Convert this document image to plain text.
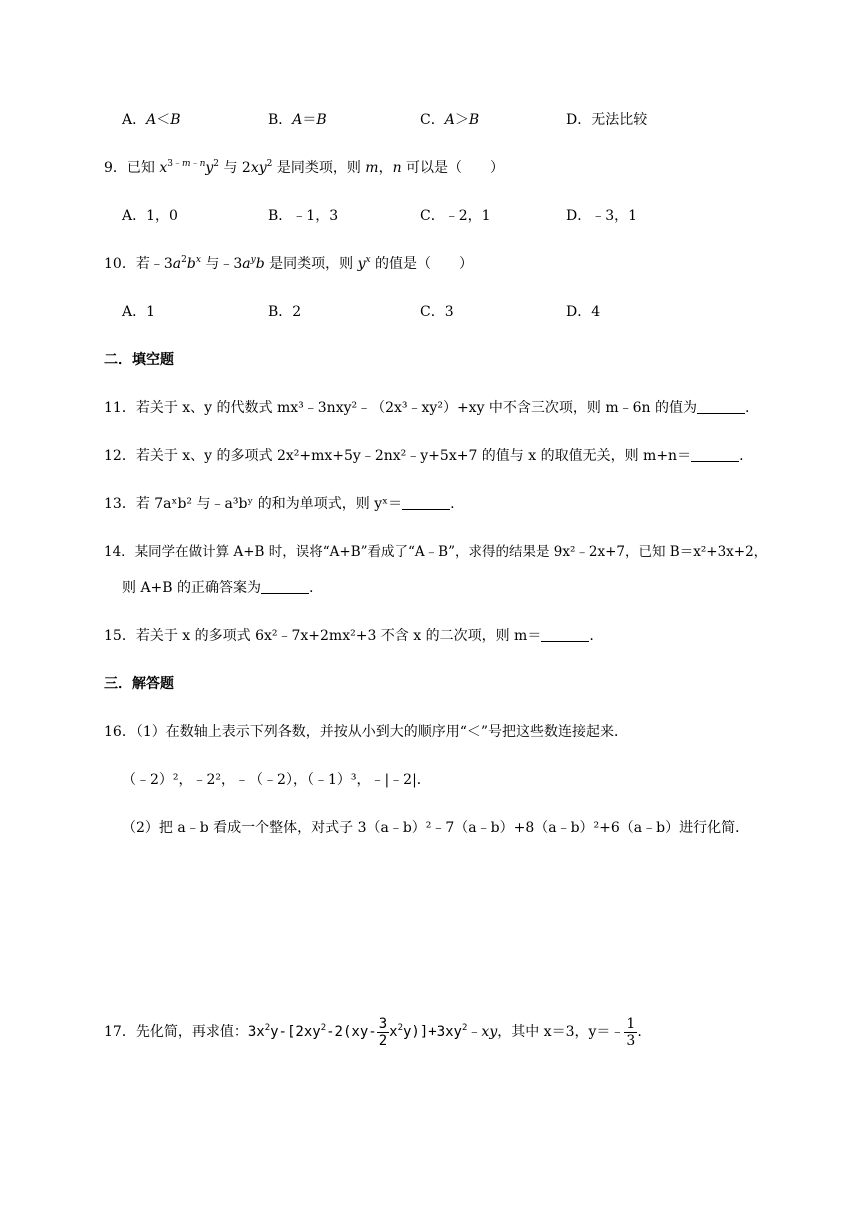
A．A＜B	B．A＝B	C．A＞B	D．无法比较
9．已知 $x^{3﹣m﹣n}y^2$ 与 $2xy^2$ 是同类项，则 m，n 可以是（　　）
A．1，0	B．﹣1，3	C．﹣2，1	D．﹣3，1
10．若$﹣3a^2b^x$ 与$﹣3a^yb$ 是同类项，则 $y^x$ 的值是（　　）
A．1	B．2	C．3	D．4
二．填空题
11．若关于 x、y 的代数式 mx³﹣3nxy²﹣（2x³﹣xy²）+xy 中不含三次项，则 m﹣6n 的值为	.
12．若关于 x、y 的多项式 2x²+mx+5y﹣2nx²﹣y+5x+7 的值与 x 的取值无关，则 m+n＝	.
13．若 7aˣb² 与﹣a³bʸ 的和为单项式，则 yˣ＝	.
14．某同学在做计算 A+B 时，误将“A+B”看成了“A﹣B”，求得的结果是 9x²﹣2x+7，已知 B＝x²+3x+2，
则 A+B 的正确答案为	.
15．若关于 x 的多项式 6x²﹣7x+2mx²+3 不含 x 的二次项，则 m＝	.
三．解答题
16．（1）在数轴上表示下列各数，并按从小到大的顺序用“＜”号把这些数连接起来．
（﹣2）²，﹣2²，﹣（﹣2），（﹣1）³，﹣|﹣2|．
（2）把 a﹣b 看成一个整体，对式子 3（a﹣b）²﹣7（a﹣b）+8（a﹣b）²+6（a﹣b）进行化简．
17．先化简，再求值：$3x^2y-[2xy^2-2(xy- \frac{3}{2}$ $x^2y)]+3xy^2﹣xy$，其中 x＝3，y＝﹣ $\frac{1}{3}$ .
